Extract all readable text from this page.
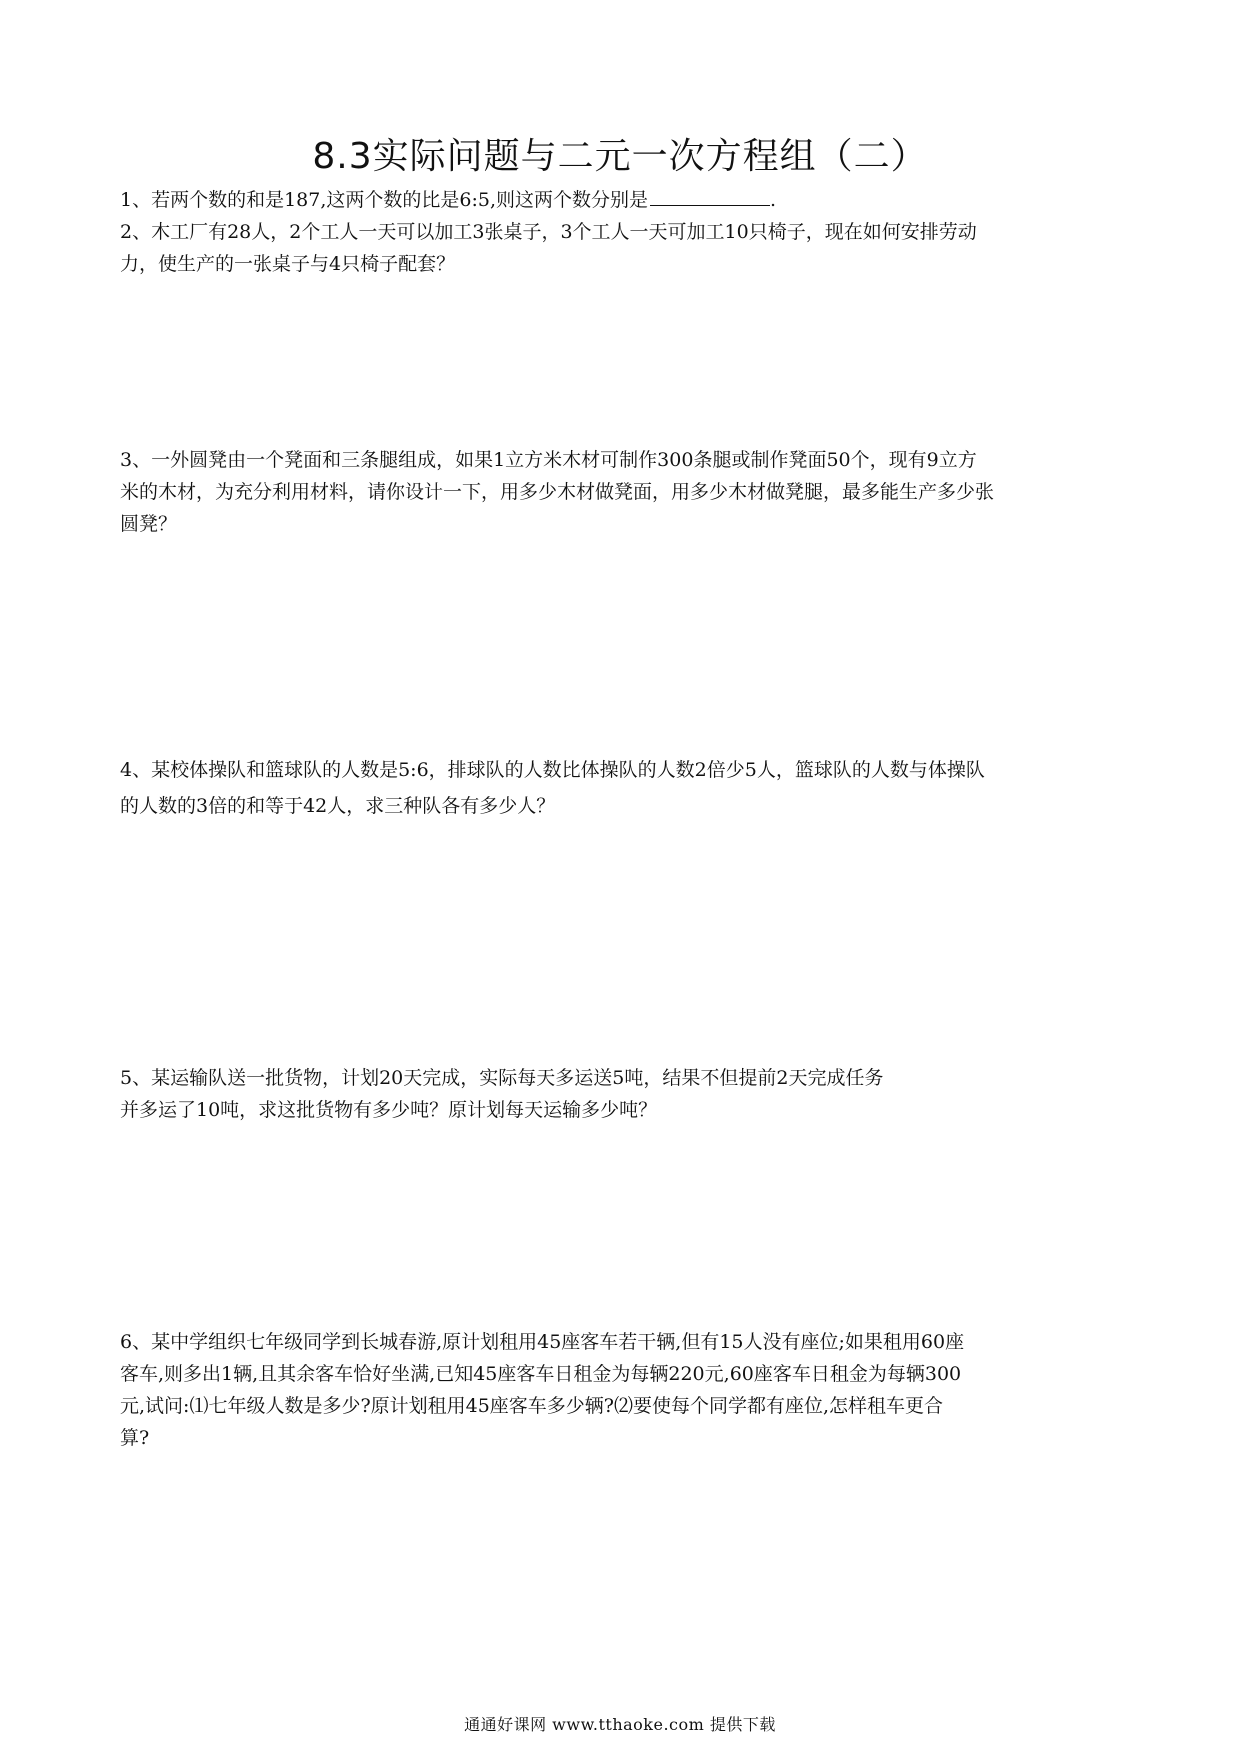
8.3实际问题与二元一次方程组（二）

1、若两个数的和是187,这两个数的比是6:5,则这两个数分别是	.

2、木工厂有28人，2个工人一天可以加工3张桌子，3个工人一天可加工10只椅子，现在如何安排劳动

力，使生产的一张桌子与4只椅子配套？

3、一外圆凳由一个凳面和三条腿组成，如果1立方米木材可制作300条腿或制作凳面50个，现有9立方

米的木材，为充分利用材料，请你设计一下，用多少木材做凳面，用多少木材做凳腿，最多能生产多少张

圆凳？

4、某校体操队和篮球队的人数是5:6，排球队的人数比体操队的人数2倍少5人，篮球队的人数与体操队

的人数的3倍的和等于42人，求三种队各有多少人？

5、某运输队送一批货物，计划20天完成，实际每天多运送5吨，结果不但提前2天完成任务

并多运了10吨，求这批货物有多少吨？原计划每天运输多少吨？

6、某中学组织七年级同学到长城春游,原计划租用45座客车若干辆,但有15人没有座位;如果租用60座

客车,则多出1辆,且其余客车恰好坐满,已知45座客车日租金为每辆220元,60座客车日租金为每辆300

元,试问:⑴七年级人数是多少?原计划租用45座客车多少辆?⑵要使每个同学都有座位,怎样租车更合

算?

通通好课网 www.tthaoke.com 提供下载
